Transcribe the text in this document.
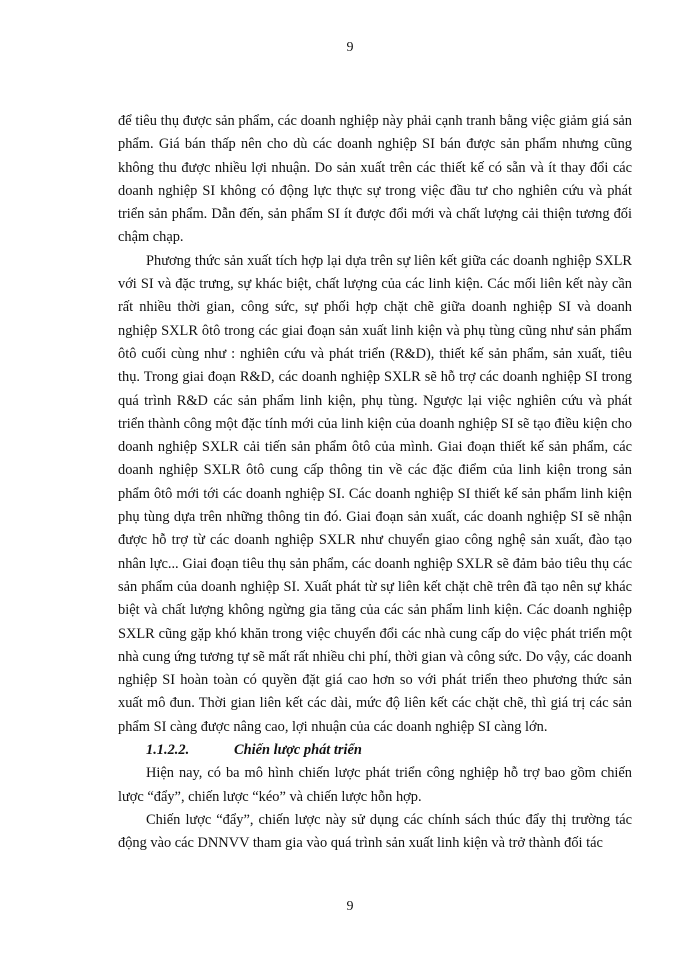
9

để tiêu thụ được sản phẩm, các doanh nghiệp này phải cạnh tranh bằng việc giảm giá sản phẩm. Giá bán thấp nên cho dù các doanh nghiệp SI bán được sản phẩm nhưng cũng không thu được nhiều lợi nhuận. Do sản xuất trên các thiết kế có sẵn và ít thay đổi các doanh nghiệp SI không có động lực thực sự trong việc đầu tư cho nghiên cứu và phát triển sản phẩm. Dẫn đến, sản phẩm SI ít được đổi mới và chất lượng cải thiện tương đối chậm chạp.

Phương thức sản xuất tích hợp lại dựa trên sự liên kết giữa các doanh nghiệp SXLR với SI và đặc trưng, sự khác biệt, chất lượng của các linh kiện. Các mối liên kết này cần rất nhiều thời gian, công sức, sự phối hợp chặt chẽ giữa doanh nghiệp SI và doanh nghiệp SXLR ôtô trong các giai đoạn sản xuất linh kiện và phụ tùng cũng như sản phẩm ôtô cuối cùng như : nghiên cứu và phát triển (R&D), thiết kế sản phẩm, sản xuất, tiêu thụ. Trong giai đoạn R&D, các doanh nghiệp SXLR sẽ hỗ trợ các doanh nghiệp SI trong quá trình R&D các sản phẩm linh kiện, phụ tùng. Ngược lại việc nghiên cứu và phát triển thành công một đặc tính mới của linh kiện của doanh nghiệp SI sẽ tạo điều kiện cho doanh nghiệp SXLR cải tiến sản phẩm ôtô của mình. Giai đoạn thiết kế sản phẩm, các doanh nghiệp SXLR ôtô cung cấp thông tin về các đặc điểm của linh kiện trong sản phẩm ôtô mới tới các doanh nghiệp SI. Các doanh nghiệp SI thiết kế sản phẩm linh kiện phụ tùng dựa trên những thông tin đó. Giai đoạn sản xuất, các doanh nghiệp SI sẽ nhận được hỗ trợ từ các doanh nghiệp SXLR như chuyển giao công nghệ sản xuất, đào tạo nhân lực... Giai đoạn tiêu thụ sản phẩm, các doanh nghiệp SXLR sẽ đảm bảo tiêu thụ các sản phẩm của doanh nghiệp SI. Xuất phát từ sự liên kết chặt chẽ trên đã tạo nên sự khác biệt và chất lượng không ngừng gia tăng của các sản phẩm linh kiện. Các doanh nghiệp SXLR cũng gặp khó khăn trong việc chuyển đổi các nhà cung cấp do việc phát triển một nhà cung ứng tương tự sẽ mất rất nhiều chi phí, thời gian và công sức. Do vậy, các doanh nghiệp SI hoàn toàn có quyền đặt giá cao hơn so với phát triển theo phương thức sản xuất mô đun. Thời gian liên kết các dài, mức độ liên kết các chặt chẽ, thì giá trị các sản phẩm SI càng được nâng cao, lợi nhuận của các doanh nghiệp SI càng lớn.

1.1.2.2.	Chiến lược phát triển

Hiện nay, có ba mô hình chiến lược phát triển công nghiệp hỗ trợ bao gồm chiến lược “đẩy”, chiến lược “kéo” và chiến lược hỗn hợp.

Chiến lược “đẩy”, chiến lược này sử dụng các chính sách thúc đẩy thị trường tác động vào các DNNVV tham gia vào quá trình sản xuất linh kiện và trở thành đối tác

9
